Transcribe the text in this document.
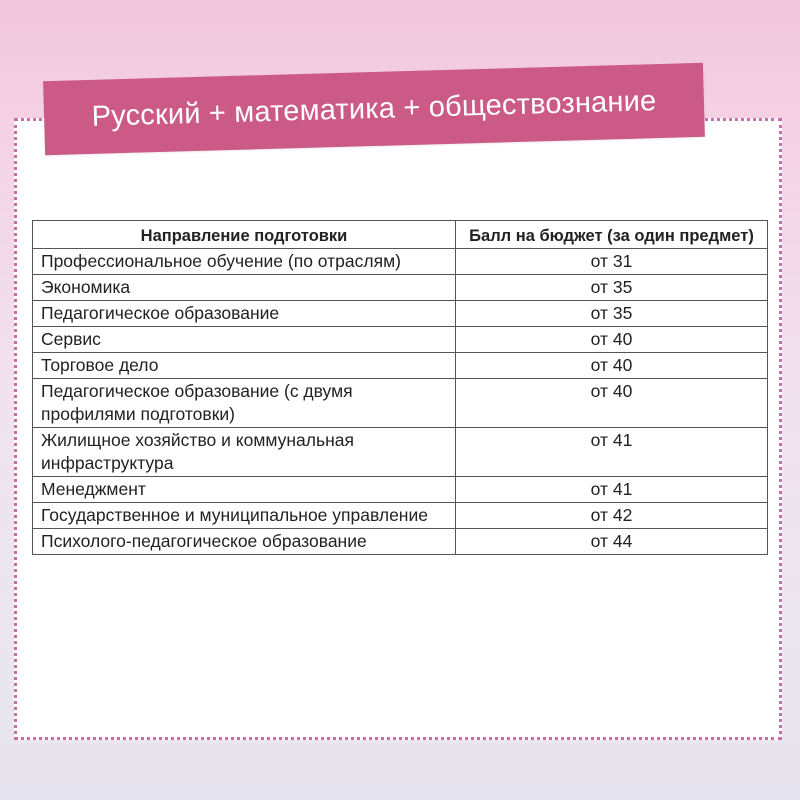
Русский + математика + обществознание
Направление подготовки	Балл на бюджет (за один предмет)
Профессиональное обучение (по отраслям)	от 31
Экономика	от 35
Педагогическое образование	от 35
Сервис	от 40
Торговое дело	от 40
Педагогическое образование (с двумя профилями подготовки)	от 40
Жилищное хозяйство и коммунальная инфраструктура	от 41
Менеджмент	от 41
Государственное и муниципальное управление	от 42
Психолого-педагогическое образование	от 44
